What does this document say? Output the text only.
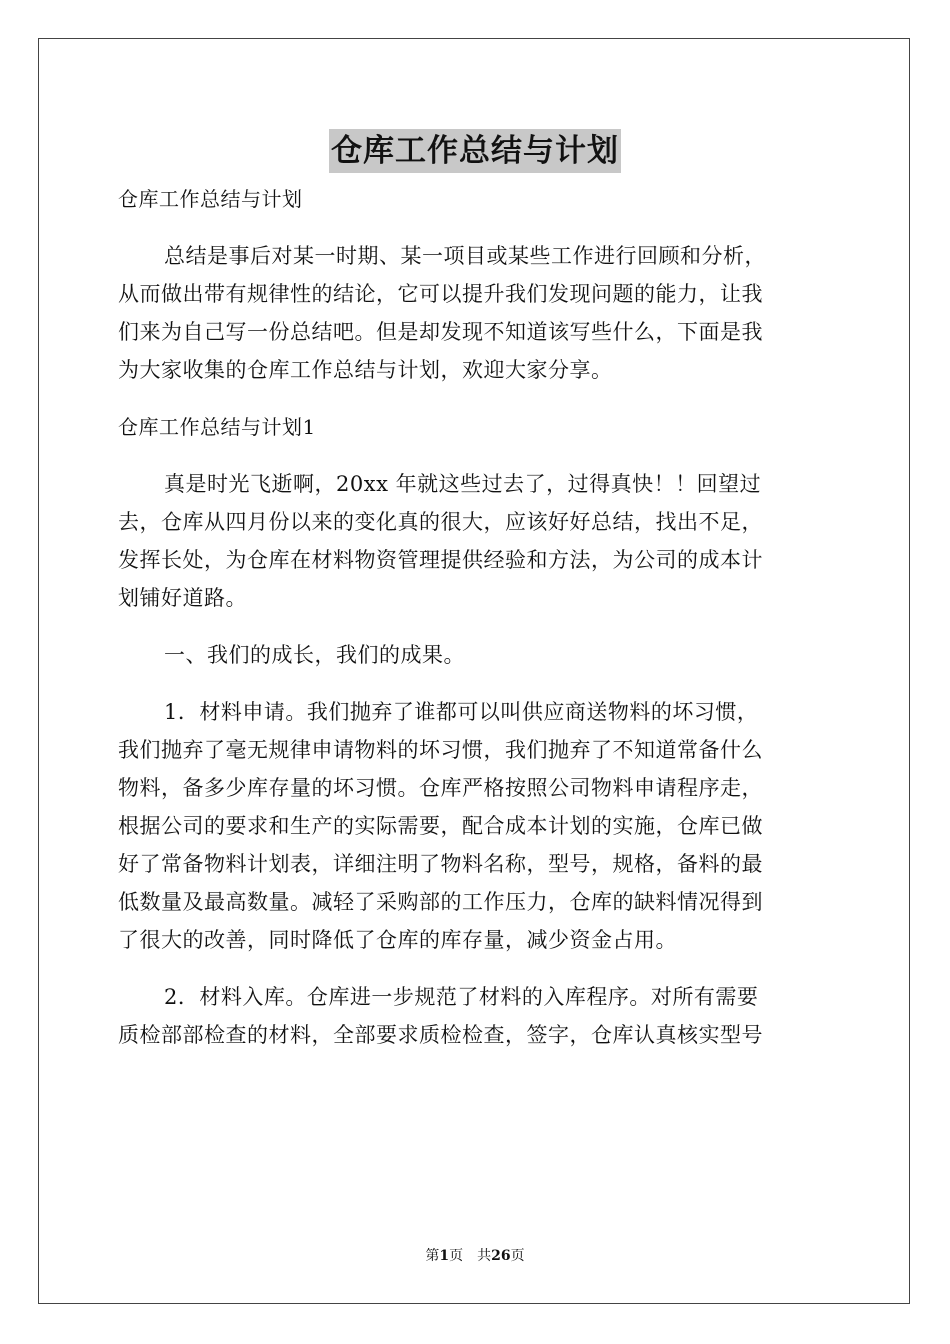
仓库工作总结与计划

仓库工作总结与计划

总结是事后对某一时期、某一项目或某些工作进行回顾和分析，

从而做出带有规律性的结论，它可以提升我们发现问题的能力，让我

们来为自己写一份总结吧。但是却发现不知道该写些什么，下面是我

为大家收集的仓库工作总结与计划，欢迎大家分享。

仓库工作总结与计划1

真是时光飞逝啊，20xx 年就这些过去了，过得真快！！回望过

去，仓库从四月份以来的变化真的很大，应该好好总结，找出不足，

发挥长处，为仓库在材料物资管理提供经验和方法，为公司的成本计

划铺好道路。

一、我们的成长，我们的成果。

1．材料申请。我们抛弃了谁都可以叫供应商送物料的坏习惯，

我们抛弃了毫无规律申请物料的坏习惯，我们抛弃了不知道常备什么

物料，备多少库存量的坏习惯。仓库严格按照公司物料申请程序走，

根据公司的要求和生产的实际需要，配合成本计划的实施，仓库已做

好了常备物料计划表，详细注明了物料名称，型号，规格，备料的最

低数量及最高数量。减轻了采购部的工作压力，仓库的缺料情况得到

了很大的改善，同时降低了仓库的库存量，减少资金占用。

2．材料入库。仓库进一步规范了材料的入库程序。对所有需要

质检部部检查的材料，全部要求质检检查，签字，仓库认真核实型号

第1页 共26页
